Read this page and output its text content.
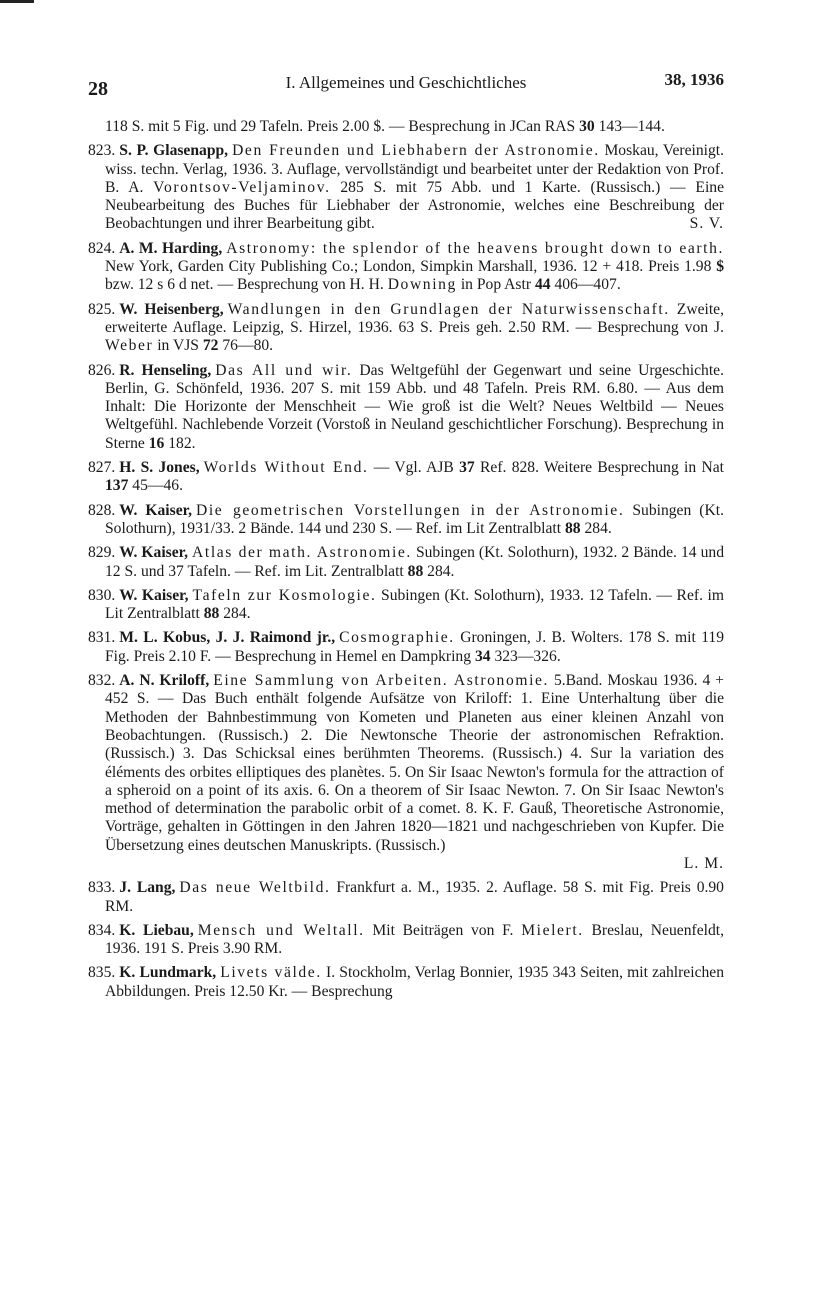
28	I. Allgemeines und Geschichtliches	38, 1936
118 S. mit 5 Fig. und 29 Tafeln. Preis 2.00 $. — Besprechung in JCan RAS 30 143—144.
823. S. P. Glasenapp, Den Freunden und Liebhabern der Astronomie. Moskau, Vereinigt. wiss. techn. Verlag, 1936. 3. Auflage, vervollständigt und bearbeitet unter der Redaktion von Prof. B. A. Vorontsov-Veljaminov. 285 S. mit 75 Abb. und 1 Karte. (Russisch.) — Eine Neubearbeitung des Buches für Liebhaber der Astronomie, welches eine Beschreibung der Beobachtungen und ihrer Bearbeitung gibt.	S. V.
824. A. M. Harding, Astronomy: the splendor of the heavens brought down to earth. New York, Garden City Publishing Co.; London, Simpkin Marshall, 1936. 12 + 418. Preis 1.98 $ bzw. 12 s 6 d net. — Besprechung von H. H. Downing in Pop Astr 44 406—407.
825. W. Heisenberg, Wandlungen in den Grundlagen der Naturwissenschaft. Zweite, erweiterte Auflage. Leipzig, S. Hirzel, 1936. 63 S. Preis geh. 2.50 RM. — Besprechung von J. Weber in VJS 72 76—80.
826. R. Henseling, Das All und wir. Das Weltgefühl der Gegenwart und seine Urgeschichte. Berlin, G. Schönfeld, 1936. 207 S. mit 159 Abb. und 48 Tafeln. Preis RM. 6.80. — Aus dem Inhalt: Die Horizonte der Menschheit — Wie groß ist die Welt? Neues Weltbild — Neues Weltgefühl. Nachlebende Vorzeit (Vorstoß in Neuland geschichtlicher Forschung). Besprechung in Sterne 16 182.
827. H. S. Jones, Worlds Without End. — Vgl. AJB 37 Ref. 828. Weitere Besprechung in Nat 137 45—46.
828. W. Kaiser, Die geometrischen Vorstellungen in der Astronomie. Subingen (Kt. Solothurn), 1931/33. 2 Bände. 144 und 230 S. — Ref. im Lit Zentralblatt 88 284.
829. W. Kaiser, Atlas der math. Astronomie. Subingen (Kt. Solothurn), 1932. 2 Bände. 14 und 12 S. und 37 Tafeln. — Ref. im Lit. Zentralblatt 88 284.
830. W. Kaiser, Tafeln zur Kosmologie. Subingen (Kt. Solothurn), 1933. 12 Tafeln. — Ref. im Lit Zentralblatt 88 284.
831. M. L. Kobus, J. J. Raimond jr., Cosmographie. Groningen, J. B. Wolters. 178 S. mit 119 Fig. Preis 2.10 F. — Besprechung in Hemel en Dampkring 34 323—326.
832. A. N. Kriloff, Eine Sammlung von Arbeiten. Astronomie. 5.Band. Moskau 1936. 4 + 452 S. — Das Buch enthält folgende Aufsätze von Kriloff: 1. Eine Unterhaltung über die Methoden der Bahnbestimmung von Kometen und Planeten aus einer kleinen Anzahl von Beobachtungen. (Russisch.) 2. Die Newtonsche Theorie der astronomischen Refraktion. (Russisch.) 3. Das Schicksal eines berühmten Theorems. (Russisch.) 4. Sur la variation des éléments des orbites elliptiques des planètes. 5. On Sir Isaac Newton's formula for the attraction of a spheroid on a point of its axis. 6. On a theorem of Sir Isaac Newton. 7. On Sir Isaac Newton's method of determination the parabolic orbit of a comet. 8. K. F. Gauß, Theoretische Astronomie, Vorträge, gehalten in Göttingen in den Jahren 1820—1821 und nachgeschrieben von Kupfer. Die Übersetzung eines deutschen Manuskripts. (Russisch.)
L. M.
833. J. Lang, Das neue Weltbild. Frankfurt a. M., 1935. 2. Auflage. 58 S. mit Fig. Preis 0.90 RM.
834. K. Liebau, Mensch und Weltall. Mit Beiträgen von F. Mielert. Breslau, Neuenfeldt, 1936. 191 S. Preis 3.90 RM.
835. K. Lundmark, Livets välde. I. Stockholm, Verlag Bonnier, 1935 343 Seiten, mit zahlreichen Abbildungen. Preis 12.50 Kr. — Besprechung
